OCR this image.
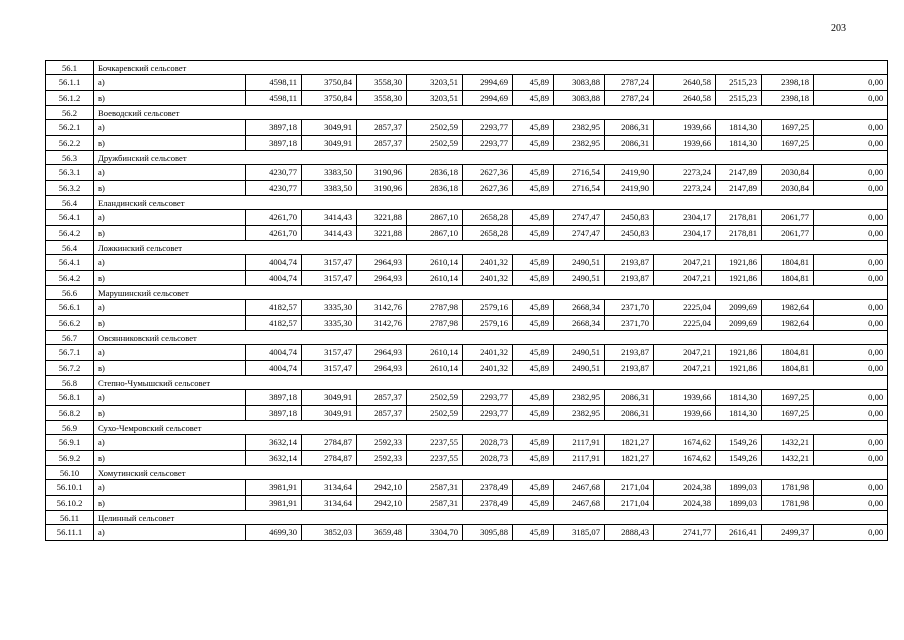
203
56.1	Бочкаревский сельсовет												
56.1.1	а)	4598,11	3750,84	3558,30	3203,51	2994,69	45,89	3083,88	2787,24	2640,58	2515,23	2398,18	0,00
56.1.2	в)	4598,11	3750,84	3558,30	3203,51	2994,69	45,89	3083,88	2787,24	2640,58	2515,23	2398,18	0,00
56.2	Воеводский сельсовет												
56.2.1	а)	3897,18	3049,91	2857,37	2502,59	2293,77	45,89	2382,95	2086,31	1939,66	1814,30	1697,25	0,00
56.2.2	в)	3897,18	3049,91	2857,37	2502,59	2293,77	45,89	2382,95	2086,31	1939,66	1814,30	1697,25	0,00
56.3	Дружбинский сельсовет												
56.3.1	а)	4230,77	3383,50	3190,96	2836,18	2627,36	45,89	2716,54	2419,90	2273,24	2147,89	2030,84	0,00
56.3.2	в)	4230,77	3383,50	3190,96	2836,18	2627,36	45,89	2716,54	2419,90	2273,24	2147,89	2030,84	0,00
56.4	Еландинский сельсовет												
56.4.1	а)	4261,70	3414,43	3221,88	2867,10	2658,28	45,89	2747,47	2450,83	2304,17	2178,81	2061,77	0,00
56.4.2	в)	4261,70	3414,43	3221,88	2867,10	2658,28	45,89	2747,47	2450,83	2304,17	2178,81	2061,77	0,00
56.4	Ложкинский сельсовет												
56.4.1	а)	4004,74	3157,47	2964,93	2610,14	2401,32	45,89	2490,51	2193,87	2047,21	1921,86	1804,81	0,00
56.4.2	в)	4004,74	3157,47	2964,93	2610,14	2401,32	45,89	2490,51	2193,87	2047,21	1921,86	1804,81	0,00
56.6	Марушинский сельсовет												
56.6.1	а)	4182,57	3335,30	3142,76	2787,98	2579,16	45,89	2668,34	2371,70	2225,04	2099,69	1982,64	0,00
56.6.2	в)	4182,57	3335,30	3142,76	2787,98	2579,16	45,89	2668,34	2371,70	2225,04	2099,69	1982,64	0,00
56.7	Овсянниковский сельсовет												
56.7.1	а)	4004,74	3157,47	2964,93	2610,14	2401,32	45,89	2490,51	2193,87	2047,21	1921,86	1804,81	0,00
56.7.2	в)	4004,74	3157,47	2964,93	2610,14	2401,32	45,89	2490,51	2193,87	2047,21	1921,86	1804,81	0,00
56.8	Степно-Чумышский сельсовет												
56.8.1	а)	3897,18	3049,91	2857,37	2502,59	2293,77	45,89	2382,95	2086,31	1939,66	1814,30	1697,25	0,00
56.8.2	в)	3897,18	3049,91	2857,37	2502,59	2293,77	45,89	2382,95	2086,31	1939,66	1814,30	1697,25	0,00
56.9	Сухо-Чемровский сельсовет												
56.9.1	а)	3632,14	2784,87	2592,33	2237,55	2028,73	45,89	2117,91	1821,27	1674,62	1549,26	1432,21	0,00
56.9.2	в)	3632,14	2784,87	2592,33	2237,55	2028,73	45,89	2117,91	1821,27	1674,62	1549,26	1432,21	0,00
56.10	Хомутинский сельсовет												
56.10.1	а)	3981,91	3134,64	2942,10	2587,31	2378,49	45,89	2467,68	2171,04	2024,38	1899,03	1781,98	0,00
56.10.2	в)	3981,91	3134,64	2942,10	2587,31	2378,49	45,89	2467,68	2171,04	2024,38	1899,03	1781,98	0,00
56.11	Целинный сельсовет												
56.11.1	а)	4699,30	3852,03	3659,48	3304,70	3095,88	45,89	3185,07	2888,43	2741,77	2616,41	2499,37	0,00
